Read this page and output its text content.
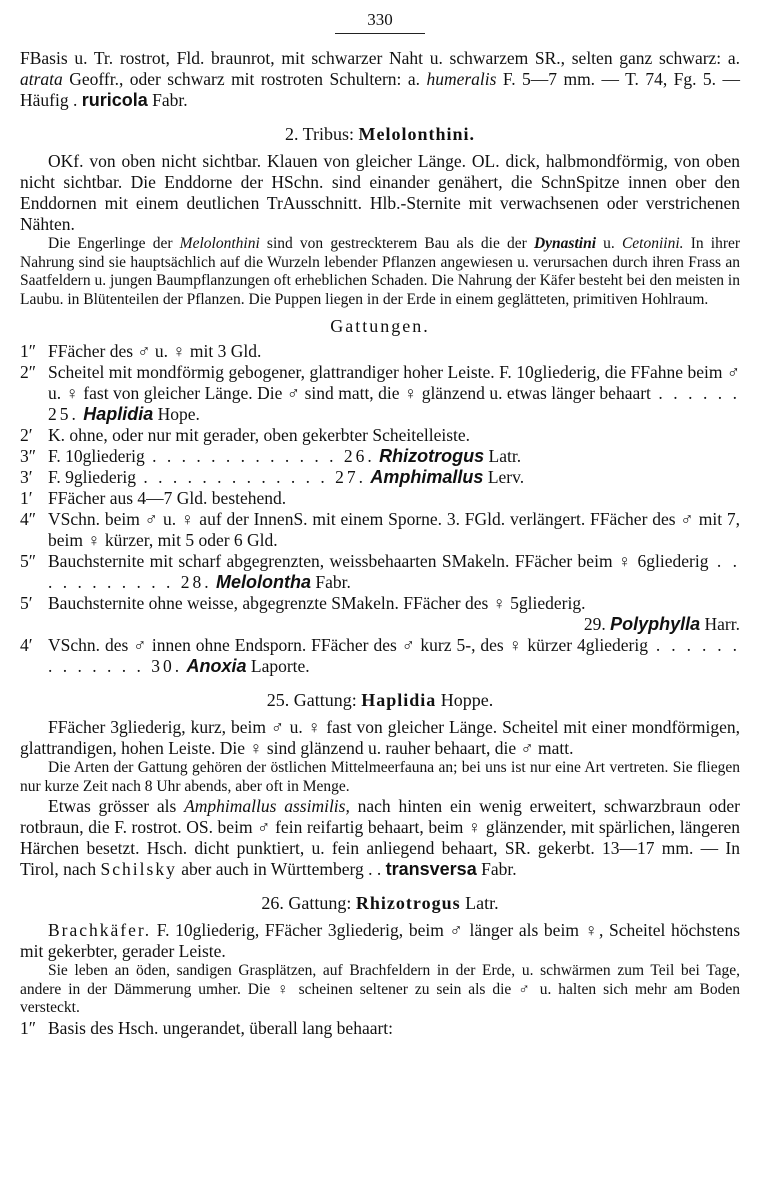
330

FBasis u. Tr. rostrot, Fld. braunrot, mit schwarzer Naht u. schwarzem SR., selten ganz schwarz: a. atrata Geoffr., oder schwarz mit rostroten Schultern: a. humeralis F. 5—7 mm. — T. 74, Fg. 5. — Häufig . ruricola Fabr.

2. Tribus: Melolonthini.

OKf. von oben nicht sichtbar. Klauen von gleicher Länge. OL. dick, halbmondförmig, von oben nicht sichtbar. Die Enddorne der HSchn. sind einander genähert, die SchnSpitze innen ober den Enddornen mit einem deutlichen TrAusschnitt. Hlb.-Sternite mit verwachsenen oder verstrichenen Nähten.

Die Engerlinge der Melolonthini sind von gestreckterem Bau als die der Dynastini u. Cetoniini. In ihrer Nahrung sind sie hauptsächlich auf die Wurzeln lebender Pflanzen angewiesen u. verursachen durch ihren Frass an Saatfeldern u. jungen Baumpflanzungen oft erheblichen Schaden. Die Nahrung der Käfer besteht bei den meisten in Laubu. in Blütenteilen der Pflanzen. Die Puppen liegen in der Erde in einem geglätteten, primitiven Hohlraum.

Gattungen.
1″ FFächer des ♂ u. ♀ mit 3 Gld.
2″ Scheitel mit mondförmig gebogener, glattrandiger hoher Leiste. F. 10gliederig, die FFahne beim ♂ u. ♀ fast von gleicher Länge. Die ♂ sind matt, die ♀ glänzend u. etwas länger behaart . . . . . . 25. Haplidia Hope.
2′ K. ohne, oder nur mit gerader, oben gekerbter Scheitelleiste.
3″ F. 10gliederig . . . . . . . . . . . . . 26. Rhizotrogus Latr.
3′ F. 9gliederig . . . . . . . . . . . . . 27. Amphimallus Lerv.
1′ FFächer aus 4—7 Gld. bestehend.
4″ VSchn. beim ♂ u. ♀ auf der InnenS. mit einem Sporne. 3. FGld. verlängert. FFächer des ♂ mit 7, beim ♀ kürzer, mit 5 oder 6 Gld.
5″ Bauchsternite mit scharf abgegrenzten, weissbehaarten SMakeln. FFächer beim ♀ 6gliederig . . . . . . . . . . . 28. Melolontha Fabr.
5′ Bauchsternite ohne weisse, abgegrenzte SMakeln. FFächer des ♀ 5gliederig.
29. Polyphylla Harr.
4′ VSchn. des ♂ innen ohne Endsporn. FFächer des ♂ kurz 5-, des ♀ kürzer 4gliederig . . . . . . . . . . . . . 30. Anoxia Laporte.
25. Gattung: Haplidia Hoppe.

FFächer 3gliederig, kurz, beim ♂ u. ♀ fast von gleicher Länge. Scheitel mit einer mondförmigen, glattrandigen, hohen Leiste. Die ♀ sind glänzend u. rauher behaart, die ♂ matt.

Die Arten der Gattung gehören der östlichen Mittelmeerfauna an; bei uns ist nur eine Art vertreten. Sie fliegen nur kurze Zeit nach 8 Uhr abends, aber oft in Menge.

Etwas grösser als Amphimallus assimilis, nach hinten ein wenig erweitert, schwarzbraun oder rotbraun, die F. rostrot. OS. beim ♂ fein reifartig behaart, beim ♀ glänzender, mit spärlichen, längeren Härchen besetzt. Hsch. dicht punktiert, u. fein anliegend behaart, SR. gekerbt. 13—17 mm. — In Tirol, nach Schilsky aber auch in Württemberg . . transversa Fabr.

26. Gattung: Rhizotrogus Latr.

Brachkäfer. F. 10gliederig, FFächer 3gliederig, beim ♂ länger als beim ♀, Scheitel höchstens mit gekerbter, gerader Leiste.

Sie leben an öden, sandigen Grasplätzen, auf Brachfeldern in der Erde, u. schwärmen zum Teil bei Tage, andere in der Dämmerung umher. Die ♀ scheinen seltener zu sein als die ♂ u. halten sich mehr am Boden versteckt.

1″ Basis des Hsch. ungerandet, überall lang behaart:
